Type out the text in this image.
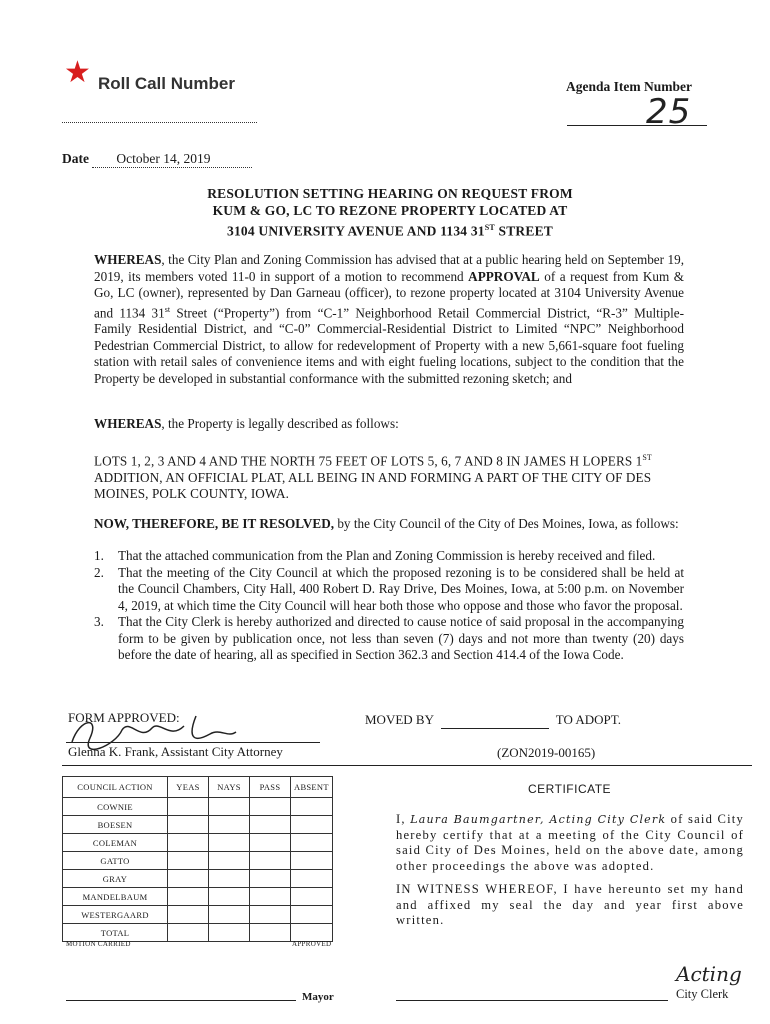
★ Roll Call Number	Agenda Item Number
25
Date October 14, 2019
RESOLUTION SETTING HEARING ON REQUEST FROM
KUM & GO, LC TO REZONE PROPERTY LOCATED AT
3104 UNIVERSITY AVENUE AND 1134 31ST STREET
WHEREAS, the City Plan and Zoning Commission has advised that at a public hearing held on September 19, 2019, its members voted 11-0 in support of a motion to recommend APPROVAL of a request from Kum & Go, LC (owner), represented by Dan Garneau (officer), to rezone property located at 3104 University Avenue and 1134 31st Street (“Property”) from “C-1” Neighborhood Retail Commercial District, “R-3” Multiple-Family Residential District, and “C-0” Commercial-Residential District to Limited “NPC” Neighborhood Pedestrian Commercial District, to allow for redevelopment of Property with a new 5,661-square foot fueling station with retail sales of convenience items and with eight fueling locations, subject to the condition that the Property be developed in substantial conformance with the submitted rezoning sketch; and
WHEREAS, the Property is legally described as follows:
LOTS 1, 2, 3 AND 4 AND THE NORTH 75 FEET OF LOTS 5, 6, 7 AND 8 IN JAMES H LOPERS 1ST ADDITION, AN OFFICIAL PLAT, ALL BEING IN AND FORMING A PART OF THE CITY OF DES MOINES, POLK COUNTY, IOWA.
NOW, THEREFORE, BE IT RESOLVED, by the City Council of the City of Des Moines, Iowa, as follows:
1. That the attached communication from the Plan and Zoning Commission is hereby received and filed.
2. That the meeting of the City Council at which the proposed rezoning is to be considered shall be held at the Council Chambers, City Hall, 400 Robert D. Ray Drive, Des Moines, Iowa, at 5:00 p.m. on November 4, 2019, at which time the City Council will hear both those who oppose and those who favor the proposal.
3. That the City Clerk is hereby authorized and directed to cause notice of said proposal in the accompanying form to be given by publication once, not less than seven (7) days and not more than twenty (20) days before the date of hearing, all as specified in Section 362.3 and Section 414.4 of the Iowa Code.
FORM APPROVED:
Glenna K. Frank, Assistant City Attorney
MOVED BY	TO ADOPT.
(ZON2019-00165)
COUNCIL ACTION	YEAS	NAYS	PASS	ABSENT
COWNIE				
BOESEN				
COLEMAN				
GATTO				
GRAY				
MANDELBAUM				
WESTERGAARD				
TOTAL				
MOTION CARRIED	APPROVED
Mayor
CERTIFICATE
I, Laura Baumgartner, Acting City Clerk of said City hereby certify that at a meeting of the City Council of said City of Des Moines, held on the above date, among other proceedings the above was adopted.
IN WITNESS WHEREOF, I have hereunto set my hand and affixed my seal the day and year first above written.
Acting
City Clerk
